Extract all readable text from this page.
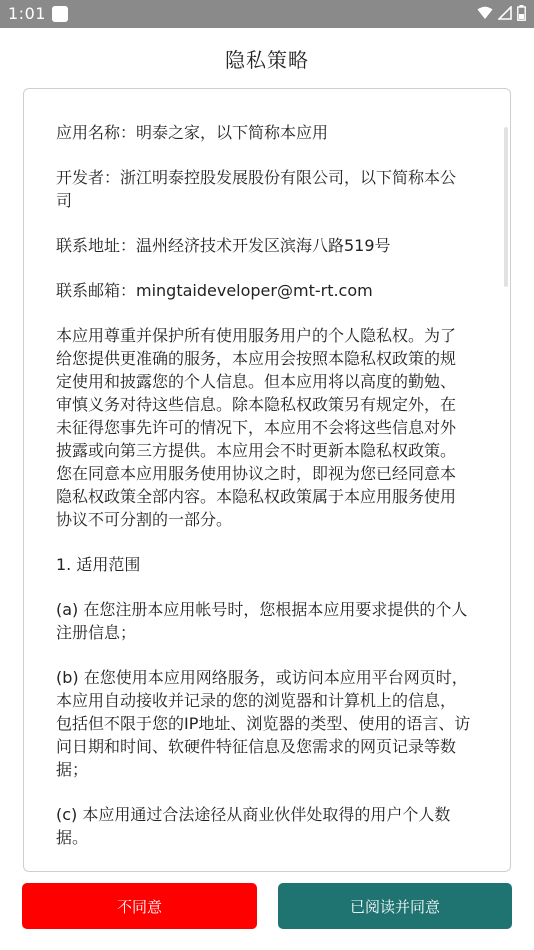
1:01
隐私策略

应用名称：明泰之家，以下简称本应用

开发者：浙江明泰控股发展股份有限公司，以下简称本公司

联系地址：温州经济技术开发区滨海八路519号

联系邮箱：mingtaideveloper@mt-rt.com

本应用尊重并保护所有使用服务用户的个人隐私权。为了给您提供更准确的服务，本应用会按照本隐私权政策的规定使用和披露您的个人信息。但本应用将以高度的勤勉、审慎义务对待这些信息。除本隐私权政策另有规定外，在未征得您事先许可的情况下，本应用不会将这些信息对外披露或向第三方提供。本应用会不时更新本隐私权政策。 您在同意本应用服务使用协议之时，即视为您已经同意本隐私权政策全部内容。本隐私权政策属于本应用服务使用协议不可分割的一部分。

1. 适用范围

(a) 在您注册本应用帐号时，您根据本应用要求提供的个人注册信息；

(b) 在您使用本应用网络服务，或访问本应用平台网页时，本应用自动接收并记录的您的浏览器和计算机上的信息，包括但不限于您的IP地址、浏览器的类型、使用的语言、访问日期和时间、软硬件特征信息及您需求的网页记录等数据；

(c) 本应用通过合法途径从商业伙伴处取得的用户个人数据。

不同意	已阅读并同意
